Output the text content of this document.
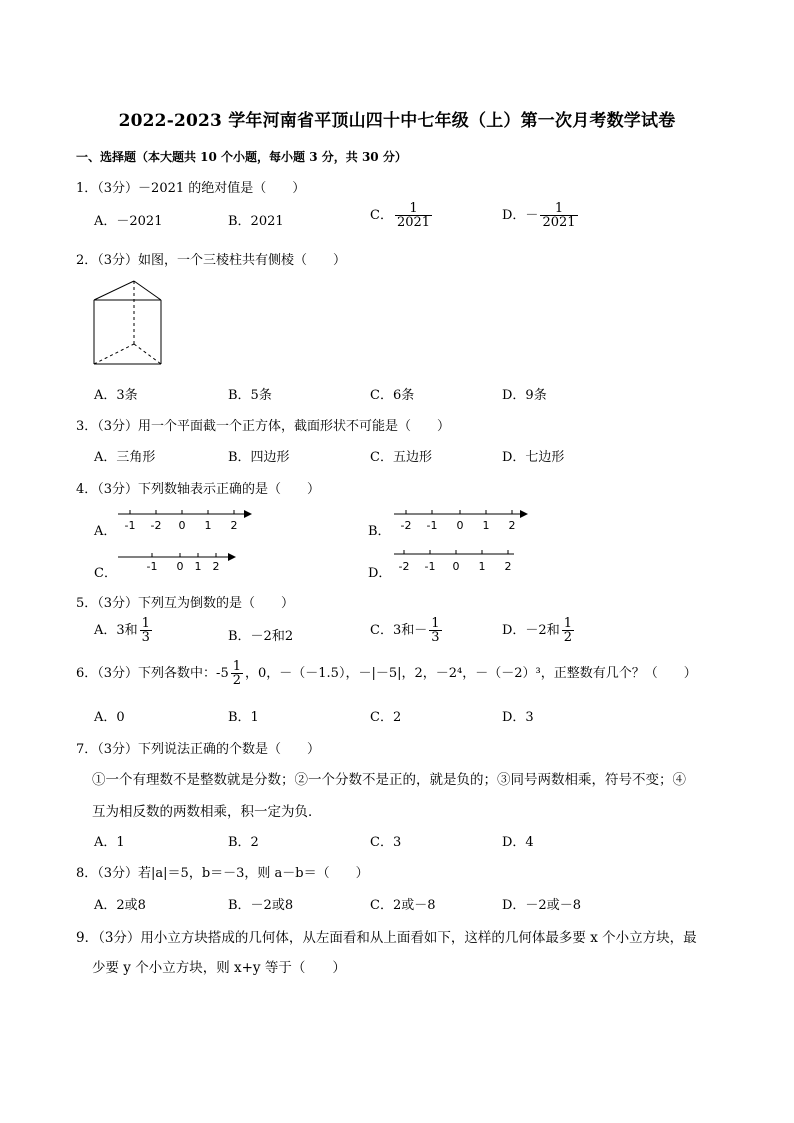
2022-2023 学年河南省平顶山四十中七年级（上）第一次月考数学试卷
一、选择题（本大题共 10 个小题，每小题 3 分，共 30 分）
1．（3分）－2021 的绝对值是（　　）
A．－2021	B．2021	C． $\frac{1}{2021}$	D．－ $\frac{1}{2021}$
2．（3分）如图，一个三棱柱共有侧棱（　　）
A．3条	B．5条	C．6条	D．9条
3．（3分）用一个平面截一个正方体，截面形状不可能是（　　）
A．三角形	B．四边形	C．五边形	D．七边形
4．（3分）下列数轴表示正确的是（　　）
A． -1 -2 0 1 2	B． -2 -1 0 1 2
C．	-1 0 1 2	D． -2 -1 0 1 2
5．（3分）下列互为倒数的是（　　）
A．3和 $\frac{1}{3}$	B．－2和2	C．3和－ $\frac{1}{3}$	D．－2和 $\frac{1}{2}$
6．（3分）下列各数中：$-5 \frac{1}{2}$ ，0，－（－1.5），－|－5|，2，－2⁴，－（－2）³，正整数有几个？（　　）
A．0	B．1	C．2	D．3
7．（3分）下列说法正确的个数是（　　）
①一个有理数不是整数就是分数；②一个分数不是正的，就是负的；③同号两数相乘，符号不变；④
互为相反数的两数相乘，积一定为负．
A．1	B．2	C．3	D．4
8．（3分）若|a|＝5，b＝－3，则 a－b＝（　　）
A．2或8	B．－2或8	C．2或－8	D．－2或－8
9．（3分）用小立方块搭成的几何体，从左面看和从上面看如下，这样的几何体最多要 x 个小立方块，最
少要 y 个小立方块，则 x+y 等于（　　）
